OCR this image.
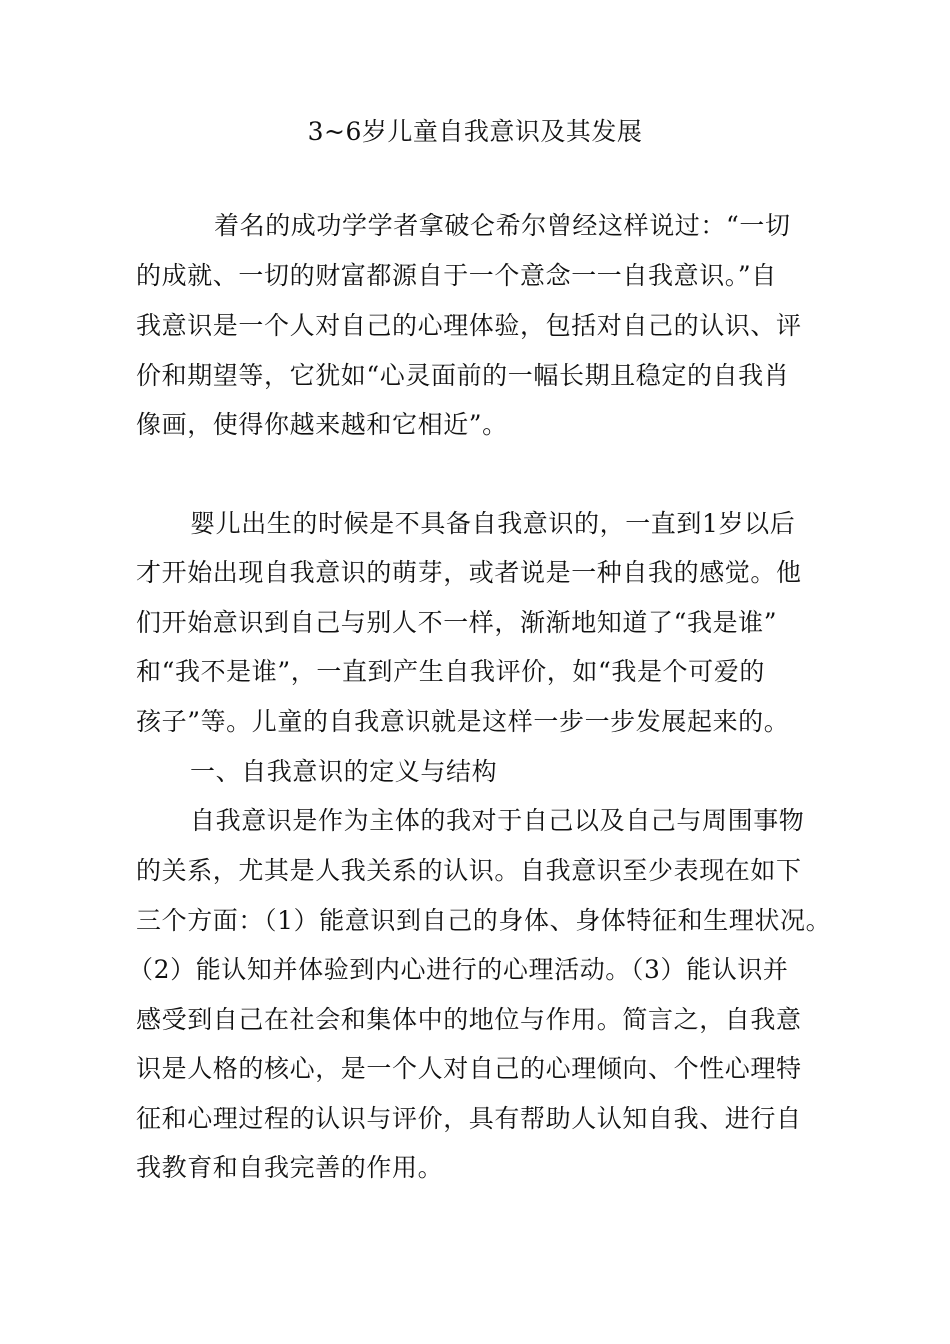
3~6岁儿童自我意识及其发展
着名的成功学学者拿破仑希尔曾经这样说过：“一切
的成就、一切的财富都源自于一个意念一一自我意识。”自
我意识是一个人对自己的心理体验，包括对自己的认识、评
价和期望等，它犹如“心灵面前的一幅长期且稳定的自我肖
像画，使得你越来越和它相近”。
婴儿出生的时候是不具备自我意识的，一直到1岁以后
才开始出现自我意识的萌芽，或者说是一种自我的感觉。他
们开始意识到自己与别人不一样，渐渐地知道了“我是谁”
和“我不是谁”，一直到产生自我评价，如“我是个可爱的
孩子”等。儿童的自我意识就是这样一步一步发展起来的。
一、自我意识的定义与结构
自我意识是作为主体的我对于自己以及自己与周围事物
的关系，尤其是人我关系的认识。自我意识至少表现在如下
三个方面：（1）能意识到自己的身体、身体特征和生理状况。
（2）能认知并体验到内心进行的心理活动。（3）能认识并
感受到自己在社会和集体中的地位与作用。简言之，自我意
识是人格的核心，是一个人对自己的心理倾向、个性心理特
征和心理过程的认识与评价，具有帮助人认知自我、进行自
我教育和自我完善的作用。
